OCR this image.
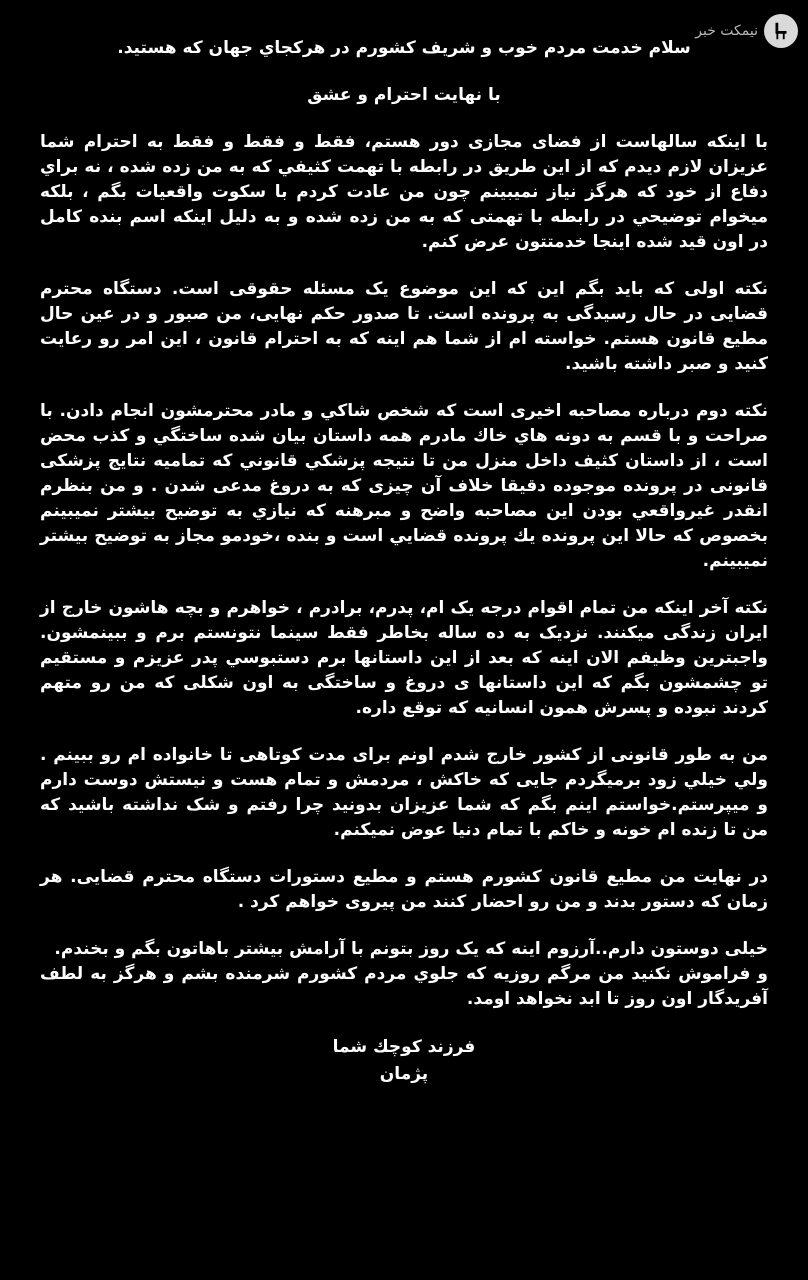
نیمکت خبر

سلام خدمت مردم خوب و شریف کشورم در هرکجاي جهان که هستید.

با نهایت احترام و عشق

با اینکه سالهاست از فضای مجازی دور هستم، فقط و فقط و فقط به احترام شما عزیزان لازم دیدم که از این طریق در رابطه با تهمت کثیفي که به من زده شده ، نه براي دفاع از خود که هرگز نیاز نمیبینم چون من عادت کردم با سکوت واقعیات بگم ، بلکه میخوام توضیحي در رابطه با تهمتی که به من زده شده و به دلیل اینکه اسم بنده کامل در اون قید شده اینجا خدمتتون عرض کنم.

نکته اولی که باید بگم این که این موضوع یک مسئله حقوقی است. دستگاه محترم قضایی در حال رسیدگی به پرونده است. تا صدور حکم نهایی، من صبور و در عین حال مطیع قانون هستم. خواسته ام از شما هم اینه که به احترام قانون ، این امر رو رعایت کنید و صبر داشته باشید.

نکته دوم درباره مصاحبه اخیری است که شخص شاکي و مادر محترمشون انجام دادن. با صراحت و با قسم به دونه هاي خاك مادرم همه داستان بیان شده ساختگي و کذب محض است ، از داستان کثیف داخل منزل من تا نتیجه پزشکي قانوني که تمامیه نتایج پزشکی قانونی در پرونده موجوده دقیقا خلاف آن چیزی که به دروغ مدعی شدن . و من بنظرم انقدر غیرواقعي بودن این مصاحبه واضح و مبرهنه که نیازي به توضیح بیشتر نمیبینم بخصوص که حالا این پرونده یك پرونده قضایي است و بنده ،خودمو مجاز به توضیح بیشتر نمیبینم.

نکته آخر اینکه من تمام اقوام درجه یک ام، پدرم، برادرم ، خواهرم و بچه هاشون خارج از ایران زندگی میکنند. نزدیک به ده ساله بخاطر فقط سینما نتونستم برم و ببینمشون. واجبترین وظیفم الان اینه که بعد از این داستانها برم دستبوسي پدر عزیزم و مستقیم تو چشمشون بگم که این داستانها ی دروغ و ساختگی به اون شکلی که من رو متهم کردند نبوده و پسرش همون انسانیه که توقع داره.

من به طور قانونی از کشور خارج شدم اونم برای مدت کوتاهی تا خانواده ام رو ببینم . ولي خیلي زود برمیگردم جایی که خاکش ، مردمش و تمام هست و نیستش دوست دارم و میپرستم.خواستم اینم بگم که شما عزیزان بدونید چرا رفتم و شک نداشته باشید که من تا زنده ام خونه و خاکم با تمام دنیا عوض نمیکنم.

در نهایت من مطیع قانون کشورم هستم و مطیع دستورات دستگاه محترم قضایی. هر زمان که دستور بدند و من رو احضار کنند من پیروی خواهم کرد .

خیلی دوستون دارم..آرزوم اینه که یک روز بتونم با آرامش بیشتر باهاتون بگم و بخندم.
و فراموش نکنید من مرگم روزیه که جلوي مردم کشورم شرمنده بشم و هرگز به لطف آفریدگار اون روز تا ابد نخواهد اومد.

فرزند کوچك شما
پژمان
